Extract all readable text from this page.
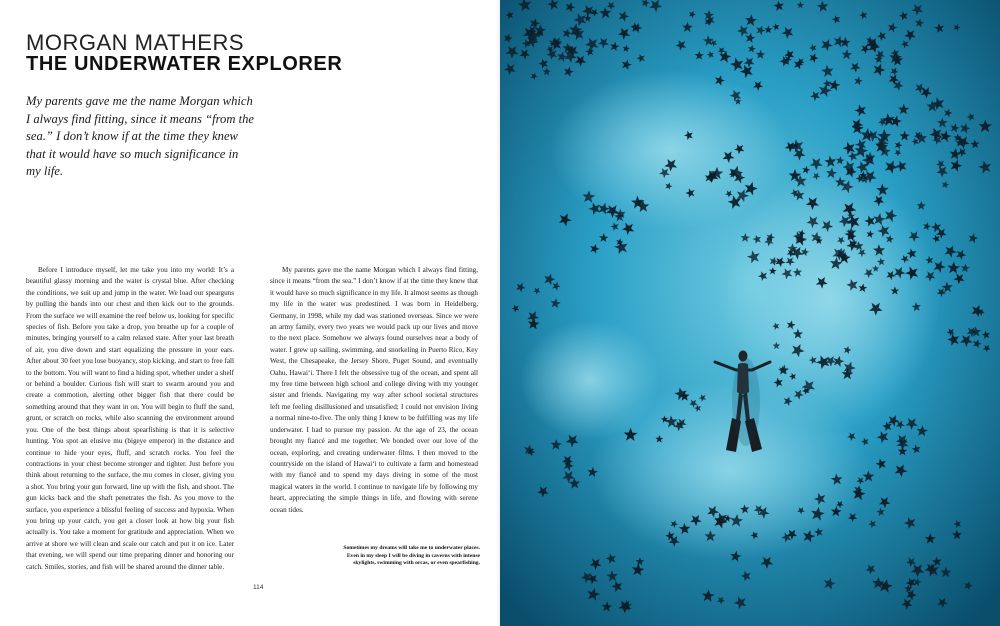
MORGAN MATHERS
THE UNDERWATER EXPLORER
My parents gave me the name Morgan which I always find fitting, since it means “from the sea.” I don’t know if at the time they knew that it would have so much significance in my life.
Before I introduce myself, let me take you into my world: It’s a beautiful glassy morning and the water is crystal blue. After checking the conditions, we suit up and jump in the water. We load our spearguns by pulling the bands into our chest and then kick out to the grounds. From the surface we will examine the reef below us, looking for specific species of fish. Before you take a drop, you breathe up for a couple of minutes, bringing yourself to a calm relaxed state. After your last breath of air, you dive down and start equalizing the pressure in your ears. After about 30 feet you lose buoyancy, stop kicking, and start to free fall to the bottom. You will want to find a hiding spot, whether under a shelf or behind a boulder. Curious fish will start to swarm around you and create a commotion, alerting other bigger fish that there could be something around that they want in on. You will begin to fluff the sand, grunt, or scratch on rocks, while also scanning the environment around you. One of the best things about spearfishing is that it is selective hunting. You spot an elusive mu (bigeye emperor) in the distance and continue to hide your eyes, fluff, and scratch rocks. You feel the contractions in your chest become stronger and tighter. Just before you think about returning to the surface, the mu comes in closer, giving you a shot. You bring your gun forward, line up with the fish, and shoot. The gun kicks back and the shaft penetrates the fish. As you move to the surface, you experience a blissful feeling of success and hypoxia. When you bring up your catch, you get a closer look at how big your fish actually is. You take a moment for gratitude and appreciation. When we arrive at shore we will clean and scale our catch and put it on ice. Later that evening, we will spend our time preparing dinner and honoring our catch. Smiles, stories, and fish will be shared around the dinner table.
My parents gave me the name Morgan which I always find fitting, since it means “from the sea.” I don’t know if at the time they knew that it would have so much significance in my life. It almost seems as though my life in the water was predestined. I was born in Heidelberg, Germany, in 1998, while my dad was stationed overseas. Since we were an army family, every two years we would pack up our lives and move to the next place. Somehow we always found ourselves near a body of water. I grew up sailing, swimming, and snorkeling in Puerto Rico, Key West, the Chesapeake, the Jersey Shore, Puget Sound, and eventually Oahu, Hawai‘i. There I felt the obsessive tug of the ocean, and spent all my free time between high school and college diving with my younger sister and friends. Navigating my way after school societal structures left me feeling disillusioned and unsatisfied; I could not envision living a normal nine-to-five. The only thing I knew to be fulfilling was my life underwater. I had to pursue my passion. At the age of 23, the ocean brought my fiancé and me together. We bonded over our love of the ocean, exploring, and creating underwater films. I then moved to the countryside on the island of Hawai‘i to cultivate a farm and homestead with my fiancé and to spend my days diving in some of the most magical waters in the world. I continue to navigate life by following my heart, appreciating the simple things in life, and flowing with serene ocean tides.
Sometimes my dreams will take me to underwater places. Even in my sleep I will be diving in caverns with intense skylights, swimming with orcas, or even spearfishing.
114
